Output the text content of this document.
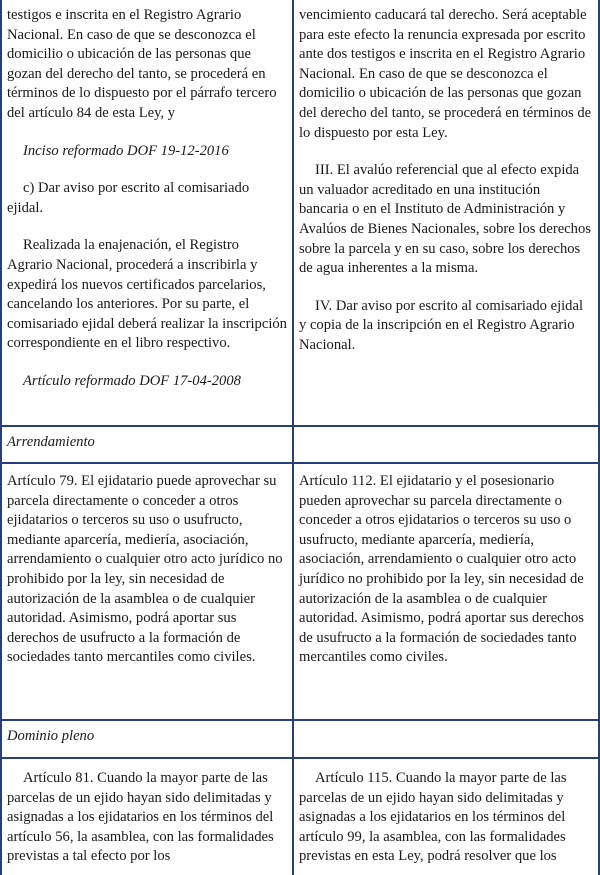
testigos e inscrita en el Registro Agrario Nacional. En caso de que se desconozca el domicilio o ubicación de las personas que gozan del derecho del tanto, se procederá en términos de lo dispuesto por el párrafo tercero del artículo 84 de esta Ley, y

Inciso reformado DOF 19-12-2016

c) Dar aviso por escrito al comisariado ejidal.

Realizada la enajenación, el Registro Agrario Nacional, procederá a inscribirla y expedirá los nuevos certificados parcelarios, cancelando los anteriores. Por su parte, el comisariado ejidal deberá realizar la inscripción correspondiente en el libro respectivo.

Artículo reformado DOF 17-04-2008

vencimiento caducará tal derecho. Será aceptable para este efecto la renuncia expresada por escrito ante dos testigos e inscrita en el Registro Agrario Nacional. En caso de que se desconozca el domicilio o ubicación de las personas que gozan del derecho del tanto, se procederá en términos de lo dispuesto por esta Ley.

III. El avalúo referencial que al efecto expida un valuador acreditado en una institución bancaria o en el Instituto de Administración y Avalúos de Bienes Nacionales, sobre los derechos sobre la parcela y en su caso, sobre los derechos de agua inherentes a la misma.

IV. Dar aviso por escrito al comisariado ejidal y copia de la inscripción en el Registro Agrario Nacional.

Arrendamiento

Artículo 79. El ejidatario puede aprovechar su parcela directamente o conceder a otros ejidatarios o terceros su uso o usufructo, mediante aparcería, mediería, asociación, arrendamiento o cualquier otro acto jurídico no prohibido por la ley, sin necesidad de autorización de la asamblea o de cualquier autoridad. Asimismo, podrá aportar sus derechos de usufructo a la formación de sociedades tanto mercantiles como civiles.

Artículo 112. El ejidatario y el posesionario pueden aprovechar su parcela directamente o conceder a otros ejidatarios o terceros su uso o usufructo, mediante aparcería, mediería, asociación, arrendamiento o cualquier otro acto jurídico no prohibido por la ley, sin necesidad de autorización de la asamblea o de cualquier autoridad. Asimismo, podrá aportar sus derechos de usufructo a la formación de sociedades tanto mercantiles como civiles.

Dominio pleno

Artículo 81. Cuando la mayor parte de las parcelas de un ejido hayan sido delimitadas y asignadas a los ejidatarios en los términos del artículo 56, la asamblea, con las formalidades previstas a tal efecto por los

Artículo 115. Cuando la mayor parte de las parcelas de un ejido hayan sido delimitadas y asignadas a los ejidatarios en los términos del artículo 99, la asamblea, con las formalidades previstas en esta Ley, podrá resolver que los
